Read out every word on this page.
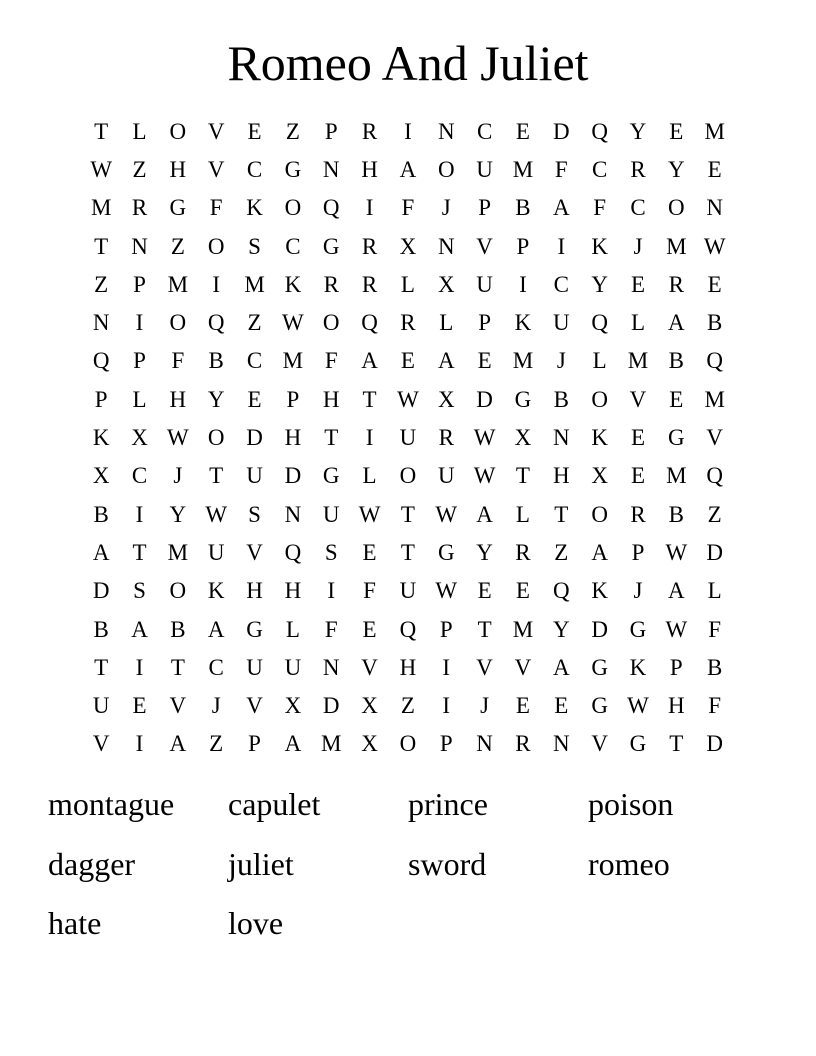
Romeo And Juliet
T	L	O V	E	Z	P	R	I	N C	E	D Q Y	E M
W Z	H V C G N H A O U M F	C	R Y	E
M R G	F	K O Q	I	F	J	P	B A	F	C O N
T	N	Z	O	S	C G R X N V	P	I	K	J	M W
Z	P M	I	M K R	R	L	X U	I	C Y	E	R	E
N	I	O Q	Z W O Q R	L	P	K U Q	L	A B
Q	P	F	B	C M F	A	E	A	E M	J	L M B Q
P	L	H Y	E	P	H	T W X D G B O V	E M
K X W O D H	T	I	U R W X N K	E	G V
X C	J	T	U D G	L	O U W T	H X	E M Q
B	I	Y W S	N U W T W A	L	T	O R	B	Z
A	T M U V Q	S	E	T	G Y R	Z	A	P W D
D	S	O K H H	I	F	U W E	E	Q K	J	A	L
B A B A G	L	F	E	Q	P	T M Y D G W F
T	I	T	C U U N V H	I	V V A G K	P	B
U	E	V	J	V X D X	Z	I	J	E	E	G W H	F
V	I	A	Z	P	A M X O	P	N R N V G	T	D
montague	capulet	prince	poison
dagger	juliet	sword	romeo
hate	love
